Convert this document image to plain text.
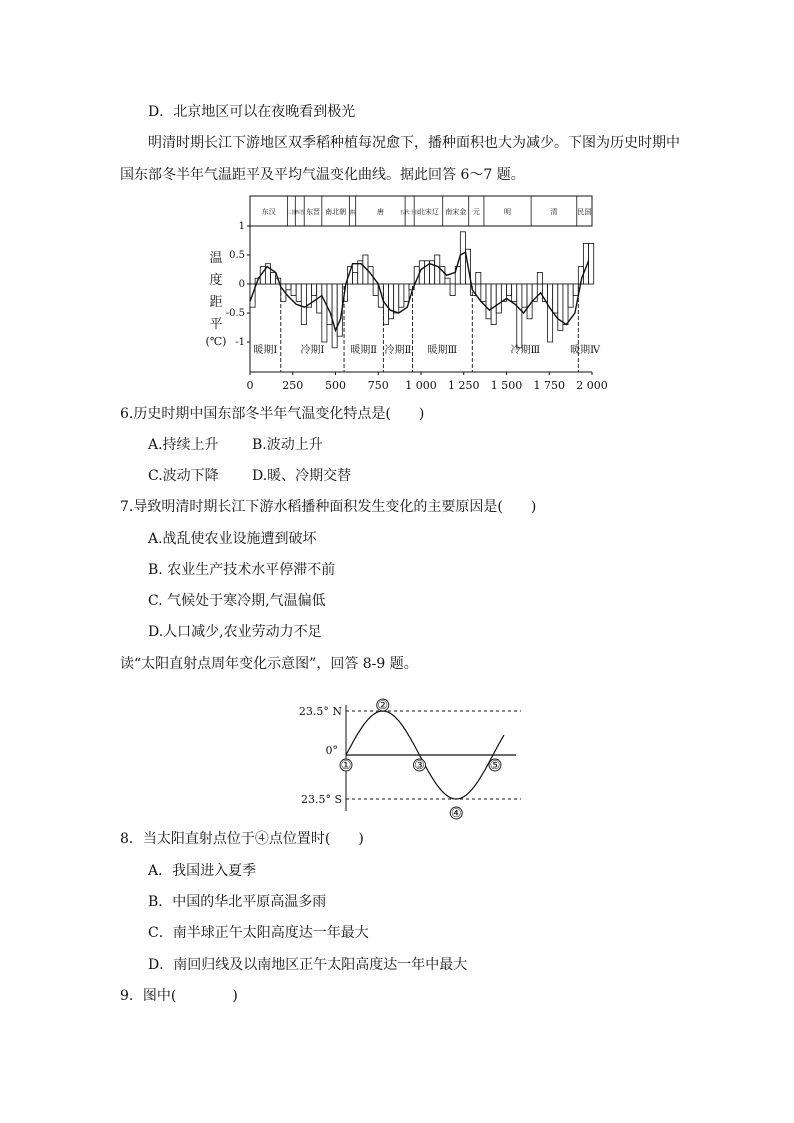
D．北京地区可以在夜晚看到极光
明清时期长江下游地区双季稻种植每况愈下，播种面积也大为减少。下图为历史时期中
国东部冬半年气温距平及平均气温变化曲线。据此回答 6～7 题。
东汉 三国
西晋 东晋 南北朝 隋	唐	五代十国
北宋辽 南宋金 元	明	清	民国
1
0.5
0
-0.5
-1
0	250 500 750 1 000 1 250 1 500 1 750 2 000
温
度
距
平
(℃)
暖期Ⅰ 冷期Ⅰ	暖期Ⅱ 冷期Ⅱ 暖期Ⅲ	冷期Ⅲ	暖期Ⅳ
6.历史时期中国东部冬半年气温变化特点是(　　)
A.持续上升 B.波动上升
C.波动下降 D.暖、冷期交替
7.导致明清时期长江下游水稻播种面积发生变化的主要原因是(　　)
A.战乱使农业设施遭到破坏
B. 农业生产技术水平停滞不前
C. 气候处于寒冷期,气温偏低
D.人口减少,农业劳动力不足
读“太阳直射点周年变化示意图”，回答 8-9 题。
23.5° N
0°
23.5° S
①
②
③
④
⑤
8．当太阳直射点位于④点位置时(　　)
A．我国进入夏季
B．中国的华北平原高温多雨
C．南半球正午太阳高度达一年最大
D．南回归线及以南地区正午太阳高度达一年中最大
9．图中(　　　　)
